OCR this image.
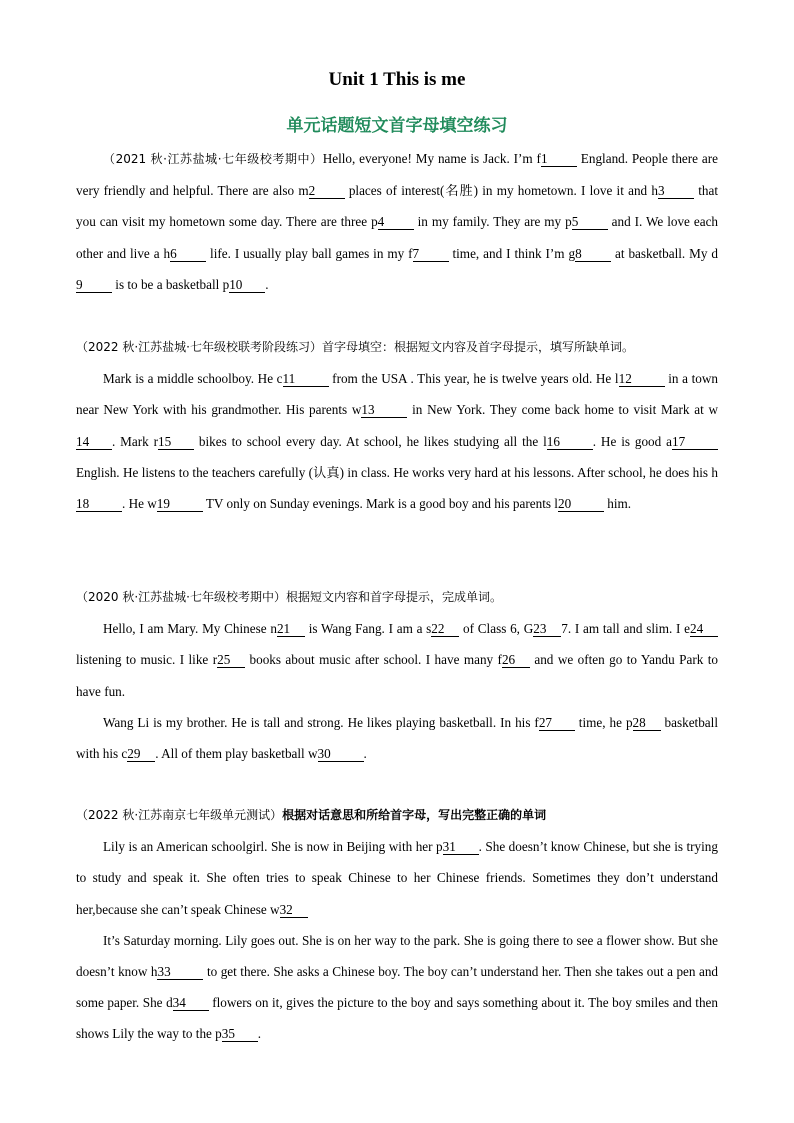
Unit 1 This is me
单元话题短文首字母填空练习

（2021 秋·江苏盐城·七年级校考期中）Hello, everyone! My name is Jack. I’m f1 England. People there are very friendly and helpful. There are also m2 places of interest(名胜) in my hometown. I love it and h3 that you can visit my hometown some day. There are three p4 in my family. They are my p5 and I. We love each other and live a h6 life. I usually play ball games in my f7 time, and I think I’m g8 at basketball. My d9 is to be a basketball p10 .

（2022 秋·江苏盐城·七年级校联考阶段练习）首字母填空：根据短文内容及首字母提示，填写所缺单词。

Mark is a middle schoolboy. He c11	from the USA . This year, he is twelve years old. He l12 in a town near New York with his grandmother. His parents w13 in New York. They come back home to visit Mark at w14 . Mark r15 bikes to school every day. At school, he likes studying all the l16 . He is good a17 English. He listens to the teachers carefully (认真) in class. He works very hard at his lessons. After school, he does his h18 . He w19 TV only on Sunday evenings. Mark is a good boy and his parents l20 him.

（2020 秋·江苏盐城·七年级校考期中）根据短文内容和首字母提示，完成单词。

Hello, I am Mary. My Chinese n21 is Wang Fang. I am a s22 of Class 6, G23 7. I am tall and slim. I e24 listening to music. I like r25 books about music after school. I have many f26 and we often go to Yandu Park to have fun.

Wang Li is my brother. He is tall and strong. He likes playing basketball. In his f27 time, he p28 basketball with his c29 . All of them play basketball w30 .

（2022 秋·江苏南京七年级单元测试）根据对话意思和所给首字母，写出完整正确的单词

Lily is an American schoolgirl. She is now in Beijing with her p31 . She doesn’t know Chinese, but she is trying to study and speak it. She often tries to speak Chinese to her Chinese friends. Sometimes they don’t understand her,because she can’t speak Chinese w32

It’s Saturday morning. Lily goes out. She is on her way to the park. She is going there to see a flower show. But she doesn’t know h33 to get there. She asks a Chinese boy. The boy can’t understand her. Then she takes out a pen and some paper. She d34 flowers on it, gives the picture to the boy and says something about it. The boy smiles and then shows Lily the way to the p35 .
